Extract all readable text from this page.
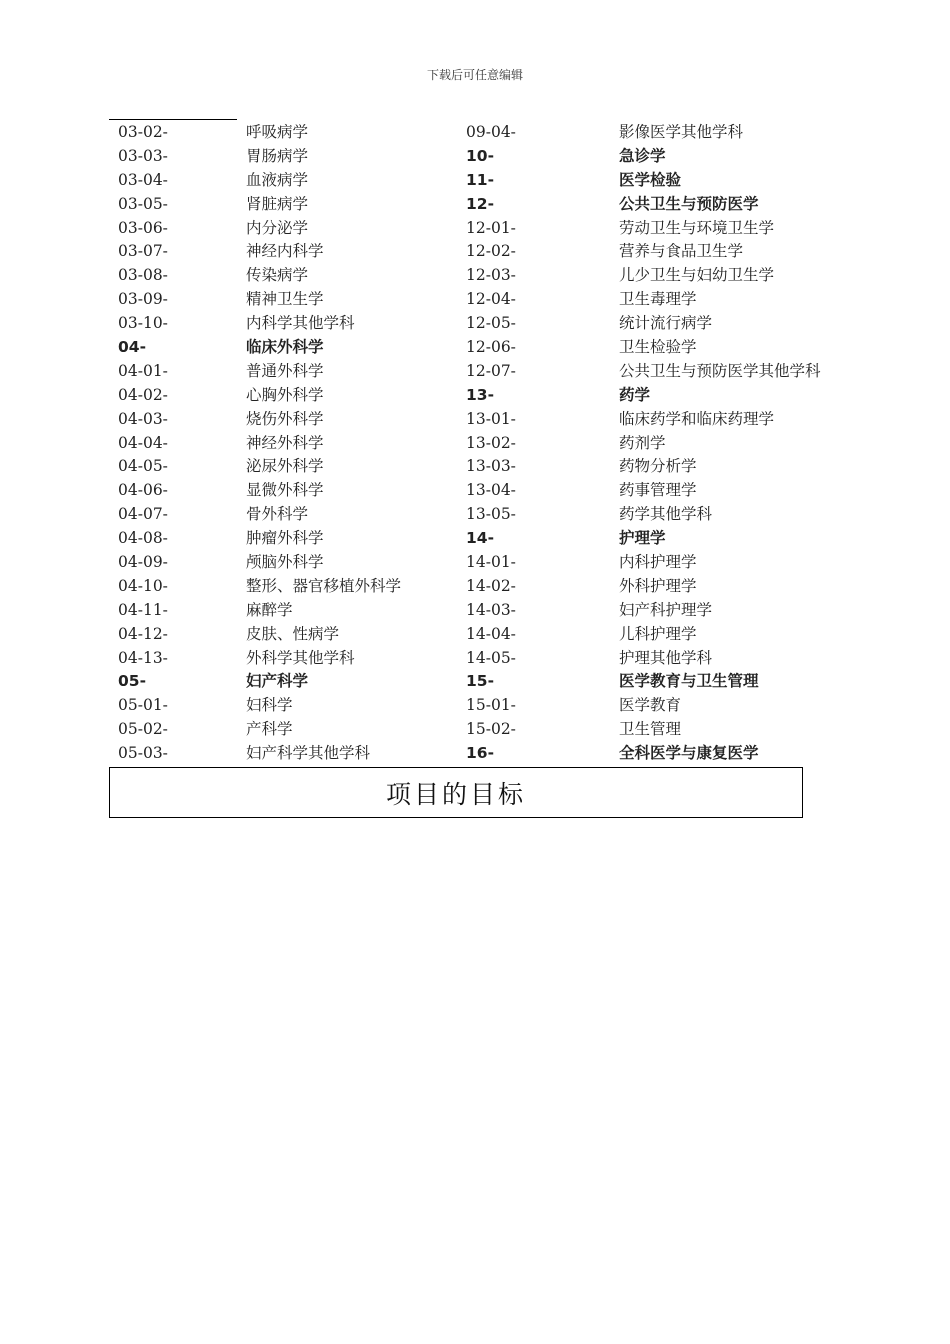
下载后可任意编辑
03-02-	呼吸病学
03-03-	胃肠病学
03-04-	血液病学
03-05-	肾脏病学
03-06-	内分泌学
03-07-	神经内科学
03-08-	传染病学
03-09-	精神卫生学
03-10-	内科学其他学科
04-	临床外科学
04-01-	普通外科学
04-02-	心胸外科学
04-03-	烧伤外科学
04-04-	神经外科学
04-05-	泌尿外科学
04-06-	显微外科学
04-07-	骨外科学
04-08-	肿瘤外科学
04-09-	颅脑外科学
04-10-	整形、器官移植外科学
04-11-	麻醉学
04-12-	皮肤、性病学
04-13-	外科学其他学科
05-	妇产科学
05-01-	妇科学
05-02-	产科学
05-03-	妇产科学其他学科
09-04-	影像医学其他学科
10-	急诊学
11-	医学检验
12-	公共卫生与预防医学
12-01-	劳动卫生与环境卫生学
12-02-	营养与食品卫生学
12-03-	儿少卫生与妇幼卫生学
12-04-	卫生毒理学
12-05-	统计流行病学
12-06-	卫生检验学
12-07-	公共卫生与预防医学其他学科
13-	药学
13-01-	临床药学和临床药理学
13-02-	药剂学
13-03-	药物分析学
13-04-	药事管理学
13-05-	药学其他学科
14-	护理学
14-01-	内科护理学
14-02-	外科护理学
14-03-	妇产科护理学
14-04-	儿科护理学
14-05-	护理其他学科
15-	医学教育与卫生管理
15-01-	医学教育
15-02-	卫生管理
16-	全科医学与康复医学
项目的目标
